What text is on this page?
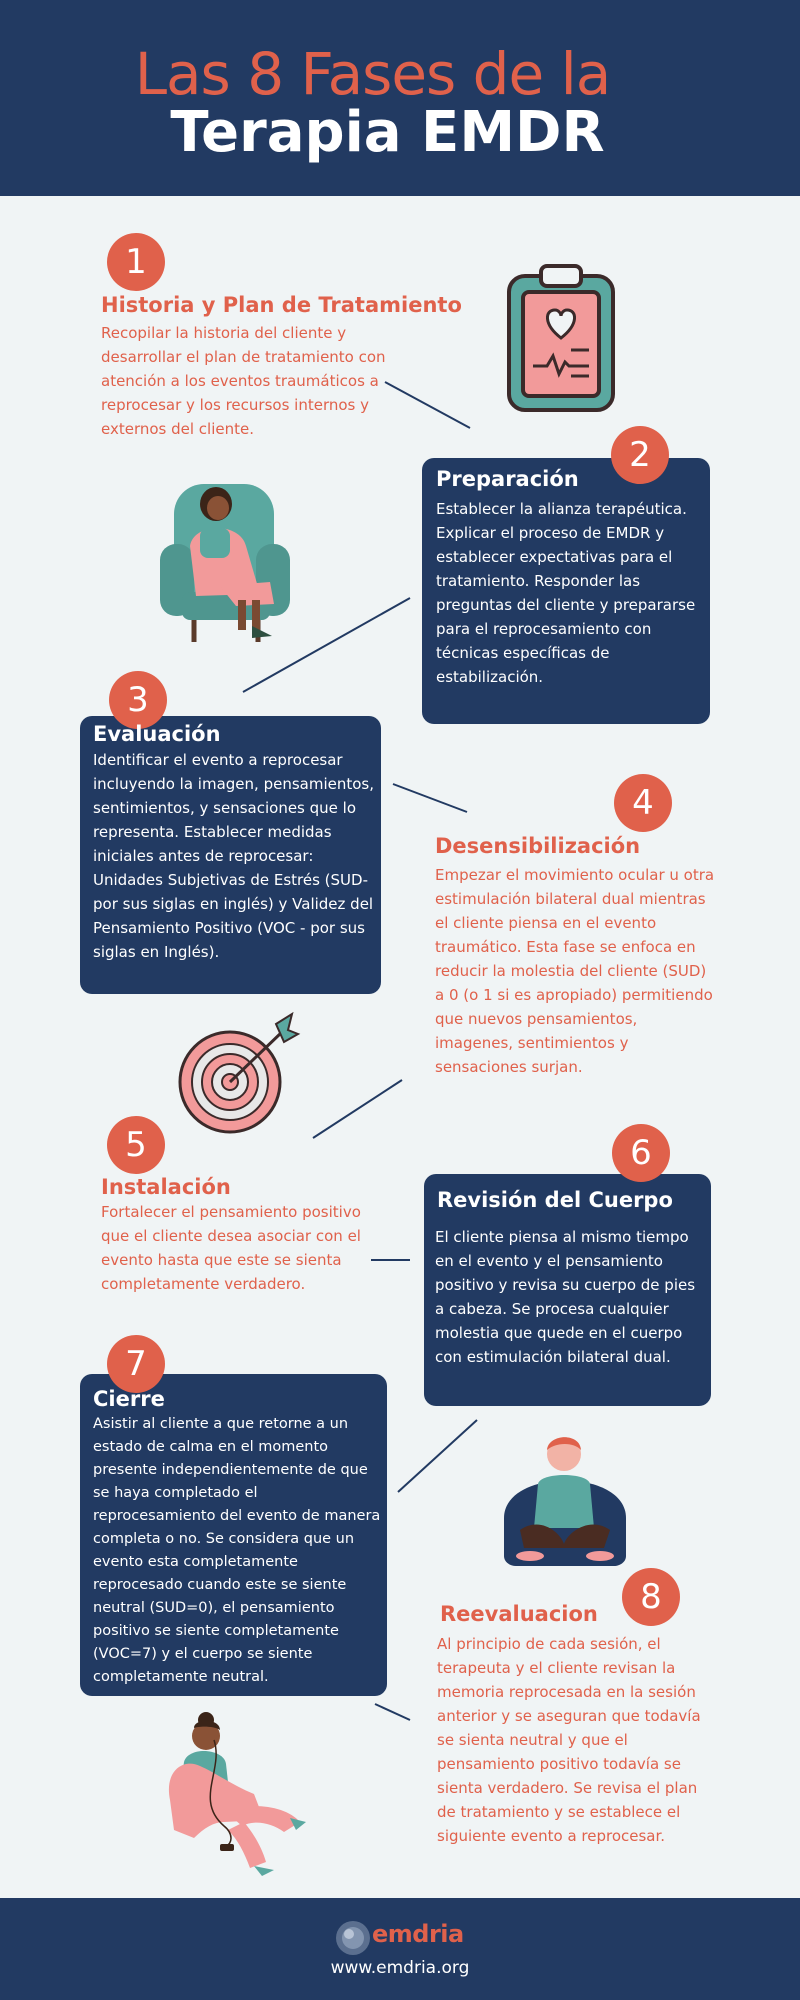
Las 8 Fases de la
Terapia EMDR
1
Historia y Plan de Tratamiento
Recopilar la historia del cliente y desarrollar el plan de tratamiento con atención a los eventos traumáticos a reprocesar y los recursos internos y externos del cliente.
2
Preparación
Establecer la alianza terapéutica. Explicar el proceso de EMDR y establecer expectativas para el tratamiento. Responder las preguntas del cliente y prepararse para el reprocesamiento con técnicas específicas de estabilización.
3
Evaluación
Identificar el evento a reprocesar incluyendo la imagen, pensamientos, sentimientos, y sensaciones que lo representa. Establecer medidas iniciales antes de reprocesar: Unidades Subjetivas de Estrés (SUD-por sus siglas en inglés) y Validez del Pensamiento Positivo (VOC - por sus siglas en Inglés).
4
Desensibilización
Empezar el movimiento ocular u otra estimulación bilateral dual mientras el cliente piensa en el evento traumático. Esta fase se enfoca en reducir la molestia del cliente (SUD) a 0 (o 1 si es apropiado) permitiendo que nuevos pensamientos, imagenes, sentimientos y sensaciones surjan.
5
Instalación
Fortalecer el pensamiento positivo que el cliente desea asociar con el evento hasta que este se sienta completamente verdadero.
6
Revisión del Cuerpo
El cliente piensa al mismo tiempo en el evento y el pensamiento positivo y revisa su cuerpo de pies a cabeza. Se procesa cualquier molestia que quede en el cuerpo con estimulación bilateral dual.
7
Cierre
Asistir al cliente a que retorne a un estado de calma en el momento presente independientemente de que se haya completado el reprocesamiento del evento de manera completa o no. Se considera que un evento esta completamente reprocesado cuando este se siente neutral (SUD=0), el pensamiento positivo se siente completamente (VOC=7) y el cuerpo se siente completamente neutral.
8
Reevaluacion
Al principio de cada sesión, el terapeuta y el cliente revisan la memoria reprocesada en la sesión anterior y se aseguran que todavía se sienta neutral y que el pensamiento positivo todavía se sienta verdadero. Se revisa el plan de tratamiento y se establece el siguiente evento a reprocesar.
emdria
www.emdria.org
